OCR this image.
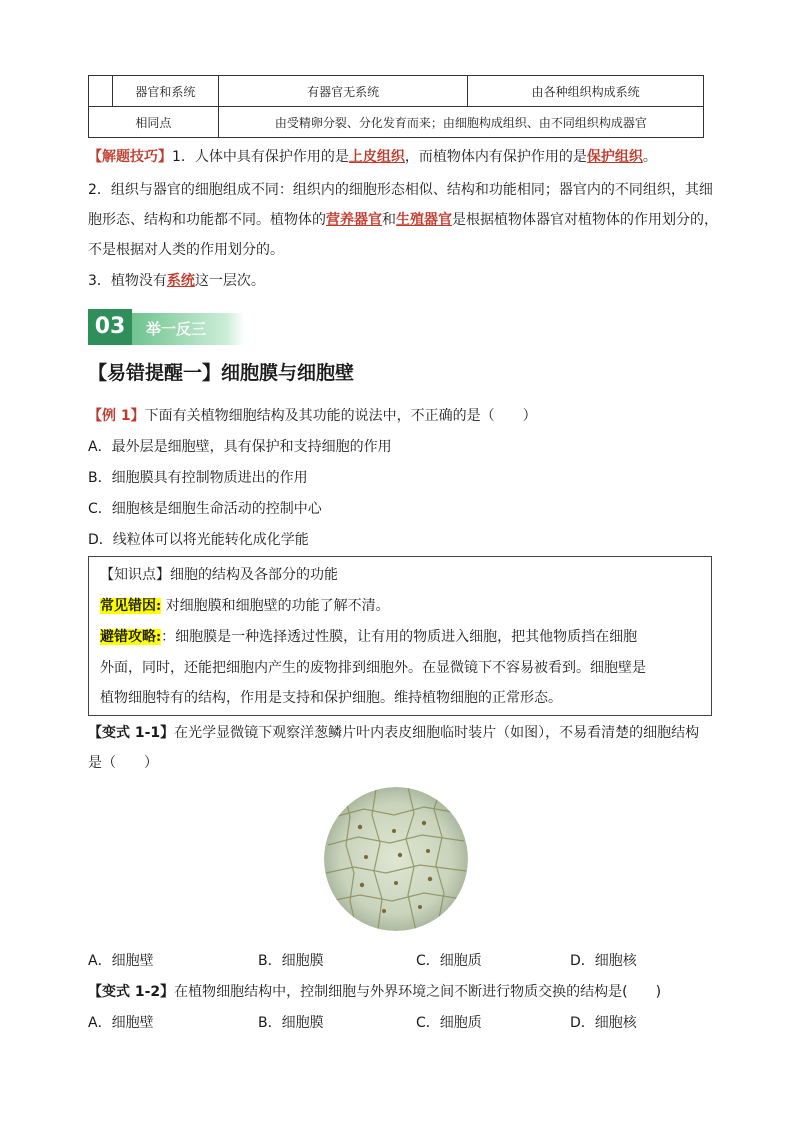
	器官和系统	有器官无系统	由各种组织构成系统
相同点		由受精卵分裂、分化发育而来；由细胞构成组织、由不同组织构成器官	
【解题技巧】1．人体中具有保护作用的是上皮组织，而植物体内有保护作用的是保护组织。
2．组织与器官的细胞组成不同：组织内的细胞形态相似、结构和功能相同；器官内的不同组织，其细
胞形态、结构和功能都不同。植物体的营养器官和生殖器官是根据植物体器官对植物体的作用划分的，
不是根据对人类的作用划分的。
3．植物没有系统这一层次。
03	举一反三
【易错提醒一】细胞膜与细胞壁
【例 1】下面有关植物细胞结构及其功能的说法中，不正确的是（　　）
A．最外层是细胞壁，具有保护和支持细胞的作用
B．细胞膜具有控制物质进出的作用
C．细胞核是细胞生命活动的控制中心
D．线粒体可以将光能转化成化学能
【知识点】细胞的结构及各部分的功能
常见错因: 对细胞膜和细胞壁的功能了解不清。
避错攻略:：细胞膜是一种选择透过性膜，让有用的物质进入细胞，把其他物质挡在细胞
外面，同时，还能把细胞内产生的废物排到细胞外。在显微镜下不容易被看到。细胞壁是
植物细胞特有的结构，作用是支持和保护细胞。维持植物细胞的正常形态。
【变式 1-1】在光学显微镜下观察洋葱鳞片叶内表皮细胞临时装片（如图），不易看清楚的细胞结构
是（　　）
A．细胞壁	B．细胞膜	C．细胞质	D．细胞核
【变式 1-2】在植物细胞结构中，控制细胞与外界环境之间不断进行物质交换的结构是(　　)
A．细胞壁	B．细胞膜	C．细胞质	D．细胞核
